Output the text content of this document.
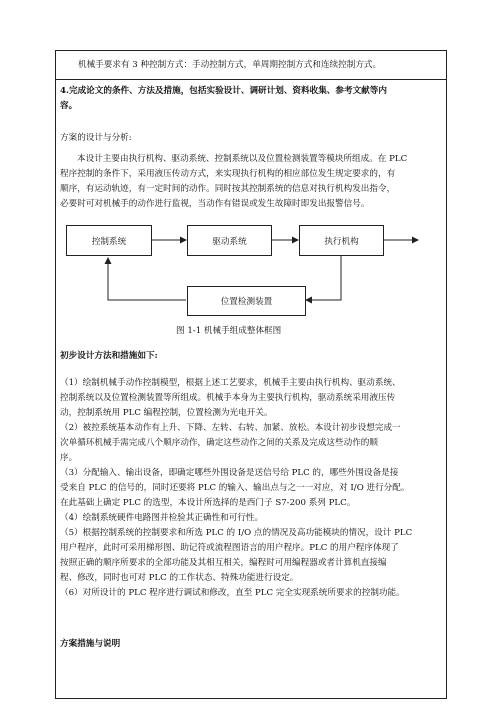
机械手要求有 3 种控制方式：手动控制方式，单周期控制方式和连续控制方式。
4.完成论文的条件、方法及措施，包括实验设计、调研计划、资料收集、参考文献等内
容。
方案的设计与分析:
本设计主要由执行机构、驱动系统、控制系统以及位置检测装置等模块所组成。在 PLC
程序控制的条件下，采用液压传动方式，来实现执行机构的相应部位发生规定要求的，有
顺序，有运动轨迹，有一定时间的动作。同时按其控制系统的信息对执行机构发出指令，
必要时可对机械手的动作进行监视，当动作有错误或发生故障时即发出报警信号。
控制系统	驱动系统	执行机构
位置检测装置
图 1-1 机械手组成整体框图
初步设计方法和措施如下:
（1）绘制机械手动作控制模型，根据上述工艺要求，机械手主要由执行机构、驱动系统、
控制系统以及位置检测装置等所组成。机械手本身为主要执行机构，驱动系统采用液压传
动，控制系统用 PLC 编程控制，位置检测为光电开关。
（2）被控系统基本动作有上升、下降、左转、右转、加紧、放松。本设计初步设想完成一
次单循环机械手需完成八个顺序动作，确定这些动作之间的关系及完成这些动作的顺
序。
（3）分配输入、输出设备，即确定哪些外围设备是送信号给 PLC 的，哪些外围设备是接
受来自 PLC 的信号的，同时还要将 PLC 的输入、输出点与之一一对应，对 I/O 进行分配。
在此基础上确定 PLC 的选型，本设计所选择的是西门子 S7-200 系列 PLC。
（4）绘制系统硬件电路图并检验其正确性和可行性。
（5）根据控制系统的控制要求和所选 PLC 的 I/O 点的情况及高功能模块的情况，设计 PLC
用户程序，此时可采用梯形图、助记符或流程图语言的用户程序。PLC 的用户程序体现了
按照正确的顺序所要求的全部功能及其相互相关，编程时可用编程器或者计算机直接编
程、修改，同时也可对 PLC 的工作状态、特殊功能进行设定。
（6）对所设计的 PLC 程序进行调试和修改，直至 PLC 完全实现系统所要求的控制功能。
方案措施与说明
